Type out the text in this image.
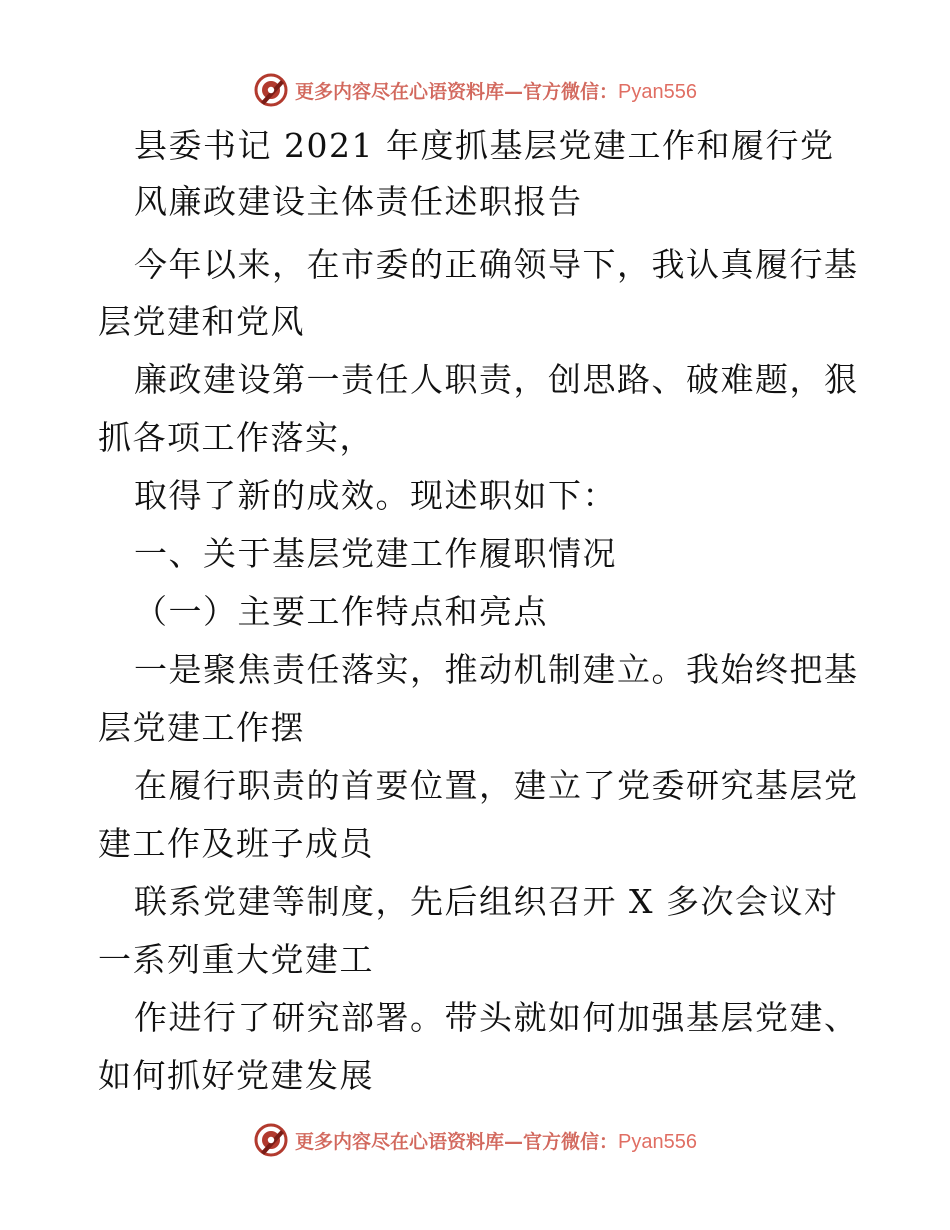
更多内容尽在心语资料库—官方微信：Pyan556
县委书记 2021 年度抓基层党建工作和履行党
风廉政建设主体责任述职报告
今年以来，在市委的正确领导下，我认真履行基
层党建和党风
廉政建设第一责任人职责，创思路、破难题，狠
抓各项工作落实，
取得了新的成效。现述职如下：
一、关于基层党建工作履职情况
（一）主要工作特点和亮点
一是聚焦责任落实，推动机制建立。我始终把基
层党建工作摆
在履行职责的首要位置，建立了党委研究基层党
建工作及班子成员
联系党建等制度，先后组织召开 X 多次会议对
一系列重大党建工
作进行了研究部署。带头就如何加强基层党建、
如何抓好党建发展
更多内容尽在心语资料库—官方微信：Pyan556
